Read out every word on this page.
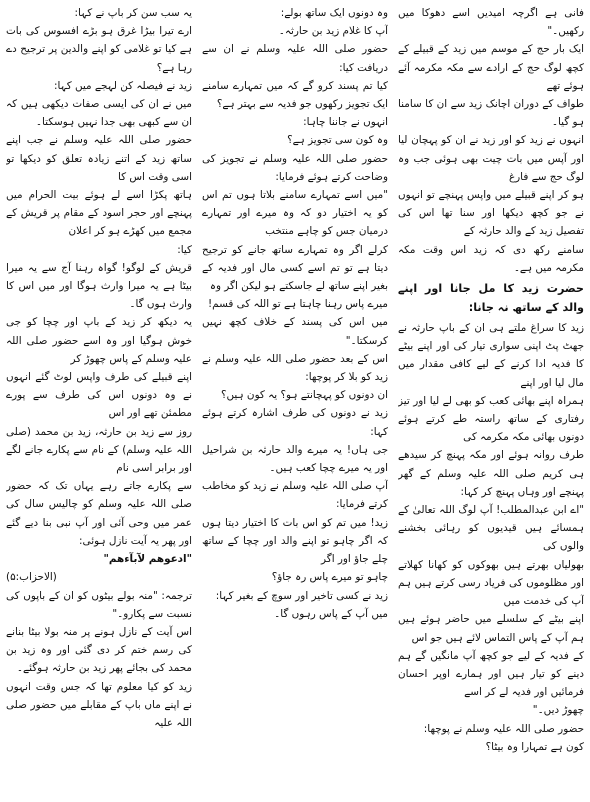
فانی ہے اگرچہ امیدیں اسے دھوکا میں رکھیں۔"

ایک بار حج کے موسم میں زید کے قبیلے کے کچھ لوگ حج کے ارادے سے مکہ مکرمہ آئے ہوئے تھے

طواف کے دوران اچانک زید سے ان کا سامنا ہو گیا۔

انہوں نے زید کو اور زید نے ان کو پہچان لیا اور آپس میں بات چیت بھی ہوئی جب وہ لوگ حج سے فارغ

ہو کر اپنے قبیلے میں واپس پہنچے تو انہوں نے جو کچھ دیکھا اور سنا تھا اس کی تفصیل زید کے والد حارثہ کے

سامنے رکھ دی کہ زید اس وقت مکہ مکرمہ میں ہے۔

حضرت زید کا مل جانا اور اپنے والد کے ساتھ نہ جانا:

زید کا سراغ ملتے ہی ان کے باپ حارثہ نے جھٹ پٹ اپنی سواری تیار کی اور اپنے بیٹے کا فدیہ ادا کرنے کے لیے کافی مقدار میں مال لیا اور اپنے

ہمراہ اپنے بھائی کعب کو بھی لے لیا اور تیز رفتاری کے ساتھ راستہ طے کرتے ہوئے دونوں بھائی مکہ مکرمہ کی

طرف روانہ ہوئے اور مکہ پہنچ کر سیدھے ہی کریم صلی اللہ علیہ وسلم کے گھر پہنچے اور وہاں پہنچ کر کہا:

"اے ابن عبدالمطلب! آپ لوگ اللہ تعالیٰ کے ہمسائے ہیں قیدیوں کو رہائی بخشنے والوں کی

بھولیاں بھرتے ہیں بھوکوں کو کھانا کھلاتے اور مظلوموں کی فریاد رسی کرتے ہیں ہم آپ کی خدمت میں

اپنے بیٹے کے سلسلے میں حاضر ہوئے ہیں ہم آپ کے پاس التماس لائے ہیں جو اس

کے فدیہ کے لیے جو کچھ آپ مانگیں گے ہم دینے کو تیار ہیں اور ہمارے اوپر احسان فرمائیں اور فدیہ لے کر اسے

چھوڑ دیں۔"

حضور صلی اللہ علیہ وسلم نے پوچھا:

کون ہے تمہارا وہ بیٹا؟

وہ دونوں ایک ساتھ بولے:

آپ کا غلام زید بن حارثہ۔

حضور صلی اللہ علیہ وسلم نے ان سے دریافت کیا:

کیا تم پسند کرو گے کہ میں تمہارے سامنے ایک تجویز رکھوں جو فدیہ سے بہتر ہے؟

انہوں نے جاننا چاہا:

وہ کون سی تجویز ہے؟

حضور صلی اللہ علیہ وسلم نے تجویز کی وضاحت کرتے ہوئے فرمایا:

"میں اسے تمہارے سامنے بلاتا ہوں تم اس کو یہ اختیار دو کہ وہ میرے اور تمہارے درمیان جس کو چاہے منتخب

کرلے اگر وہ تمہارے ساتھ جانے کو ترجیح دیتا ہے تو تم اسے کسی مال اور فدیہ کے بغیر اپنے ساتھ لے جاسکتے ہو لیکن اگر وہ

میرے پاس رہنا چاہتا ہے تو اللہ کی قسم!

میں اس کی پسند کے خلاف کچھ نہیں کرسکتا۔"

اس کے بعد حضور صلی اللہ علیہ وسلم نے زید کو بلا کر پوچھا:

ان دونوں کو پہچانتے ہو؟ یہ کون ہیں؟

زید نے دونوں کی طرف اشارہ کرتے ہوئے کہا:

جی ہاں! یہ میرے والد حارثہ بن شراحیل اور یہ میرے چچا کعب ہیں۔

آپ صلی اللہ علیہ وسلم نے زید کو مخاطب کرتے فرمایا:

زید! میں تم کو اس بات کا اختیار دیتا ہوں کہ اگر چاہو تو اپنے والد اور چچا کے ساتھ چلے جاؤ اور اگر

چاہو تو میرے پاس رہ جاؤ؟

زید نے کسی تاخیر اور سوچ کے بغیر کہا:

میں آپ کے پاس رہوں گا۔

یہ سب سن کر باپ نے کہا:

ارے تیرا بیڑا غرق ہو بڑے افسوس کی بات ہے کیا تو غلامی کو اپنے والدین پر ترجیح دے رہا ہے؟

زید نے فیصلہ کن لہجے میں کہا:

میں نے ان کی ایسی صفات دیکھی ہیں کہ ان سے کبھی بھی جدا نہیں ہوسکتا۔

حضور صلی اللہ علیہ وسلم نے جب اپنے ساتھ زید کے اتنے زیادہ تعلق کو دیکھا تو اسی وقت اس کا

ہاتھ پکڑا اسے لے ہوئے بیت الحرام میں پہنچے اور حجر اسود کے مقام پر قریش کے مجمع میں کھڑے ہو کر اعلان

کیا:

قریش کے لوگو! گواہ رہنا آج سے یہ میرا بیٹا ہے یہ میرا وارث ہوگا اور میں اس کا وارث ہوں گا۔

یہ دیکھ کر زید کے باپ اور چچا کو جی خوش ہوگیا اور وہ اسے حضور صلی اللہ علیہ وسلم کے پاس چھوڑ کر

اپنے قبیلے کی طرف واپس لوٹ گئے انہوں نے وہ دونوں اس کی طرف سے پورے مطمئن تھے اور اس

روز سے زید بن حارثہ، زید بن محمد (صلی اللہ علیہ وسلم) کے نام سے پکارے جانے لگے اور برابر اسی نام

سے پکارے جاتے رہے یہاں تک کہ حضور صلی اللہ علیہ وسلم کو چالیس سال کی عمر میں وحی آئی اور آپ نبی بنا دیے گئے اور پھر یہ آیت نازل ہوئی:

"ادعوھم لآبآءھم"

(الاحزاب:۵)

ترجمہ: "منہ بولے بیٹوں کو ان کے باپوں کی نسبت سے پکارو۔"

اس آیت کے نازل ہونے پر منہ بولا بیٹا بنانے کی رسم ختم کر دی گئی اور وہ زید بن محمد کی بجائے پھر زید بن حارثہ ہوگئے۔

زید کو کیا معلوم تھا کہ جس وقت انہوں نے اپنے ماں باپ کے مقابلے میں حضور صلی اللہ علیہ
